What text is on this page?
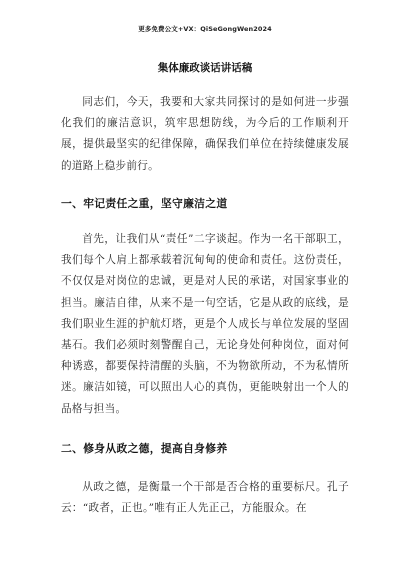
更多免费公文+VX：QiSeGongWen2024
集体廉政谈话讲话稿

同志们，今天，我要和大家共同探讨的是如何进一步强化我们的廉洁意识，筑牢思想防线，为今后的工作顺利开展，提供最坚实的纪律保障，确保我们单位在持续健康发展的道路上稳步前行。

一、牢记责任之重，坚守廉洁之道

首先，让我们从“责任”二字谈起。作为一名干部职工，我们每个人肩上都承载着沉甸甸的使命和责任。这份责任，不仅仅是对岗位的忠诚，更是对人民的承诺，对国家事业的担当。廉洁自律，从来不是一句空话，它是从政的底线，是我们职业生涯的护航灯塔，更是个人成长与单位发展的坚固基石。我们必须时刻警醒自己，无论身处何种岗位，面对何种诱惑，都要保持清醒的头脑，不为物欲所动，不为私情所迷。廉洁如镜，可以照出人心的真伪，更能映射出一个人的品格与担当。

二、修身从政之德，提高自身修养

从政之德，是衡量一个干部是否合格的重要标尺。孔子云：“政者，正也。”唯有正人先正己，方能服众。在
